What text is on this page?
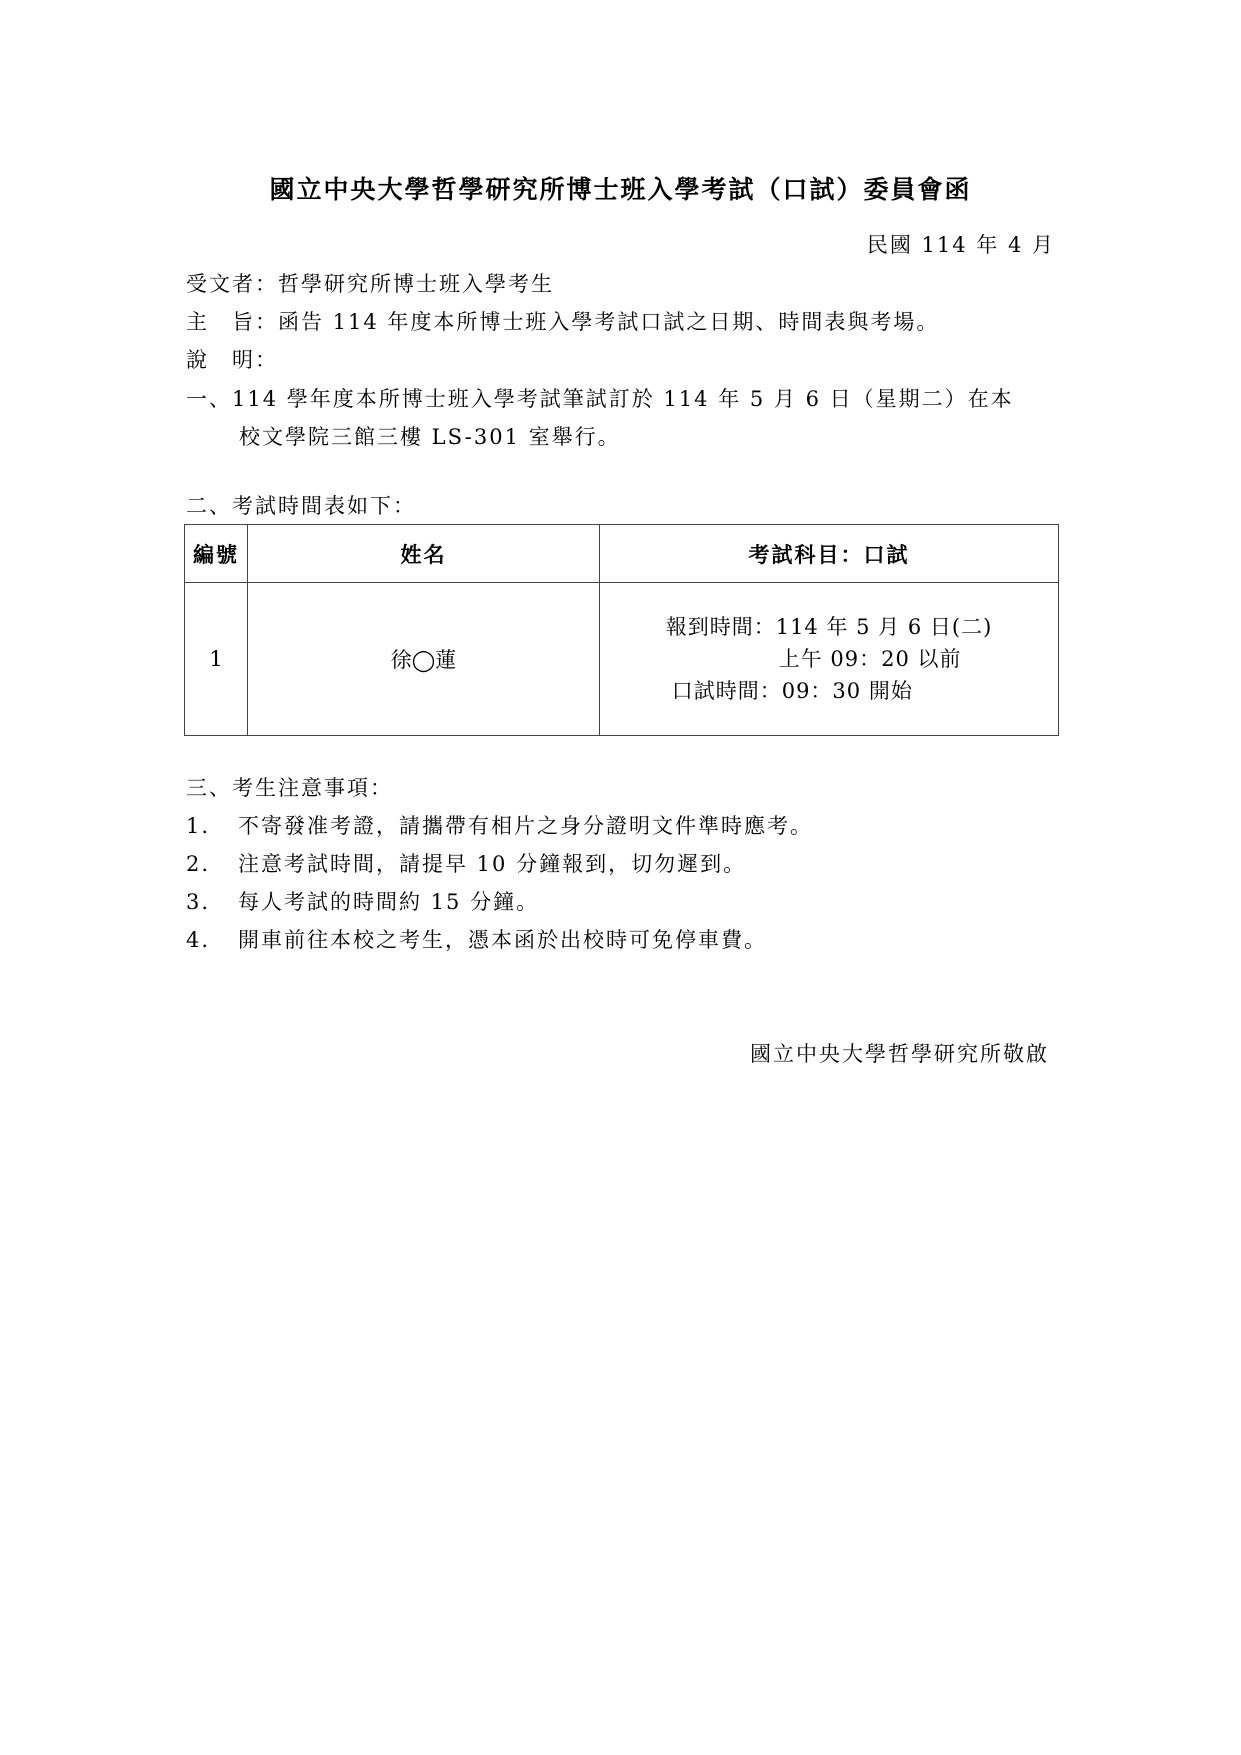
國立中央大學哲學研究所博士班入學考試（口試）委員會函
民國 114 年 4 月
受文者：哲學研究所博士班入學考生
主　旨：函告 114 年度本所博士班入學考試口試之日期、時間表與考場。
說　明：
一、114 學年度本所博士班入學考試筆試訂於 114 年 5 月 6 日（星期二）在本
校文學院三館三樓 LS-301 室舉行。
二、考試時間表如下：
編號	姓名	考試科目：口試
1	徐◯蓮	報到時間：114 年 5 月 6 日(二)
上午 09：20 以前
口試時間：09：30 開始
三、考生注意事項：
1. 不寄發准考證，請攜帶有相片之身分證明文件準時應考。
2. 注意考試時間，請提早 10 分鐘報到，切勿遲到。
3. 每人考試的時間約 15 分鐘。
4. 開車前往本校之考生，憑本函於出校時可免停車費。
國立中央大學哲學研究所敬啟
